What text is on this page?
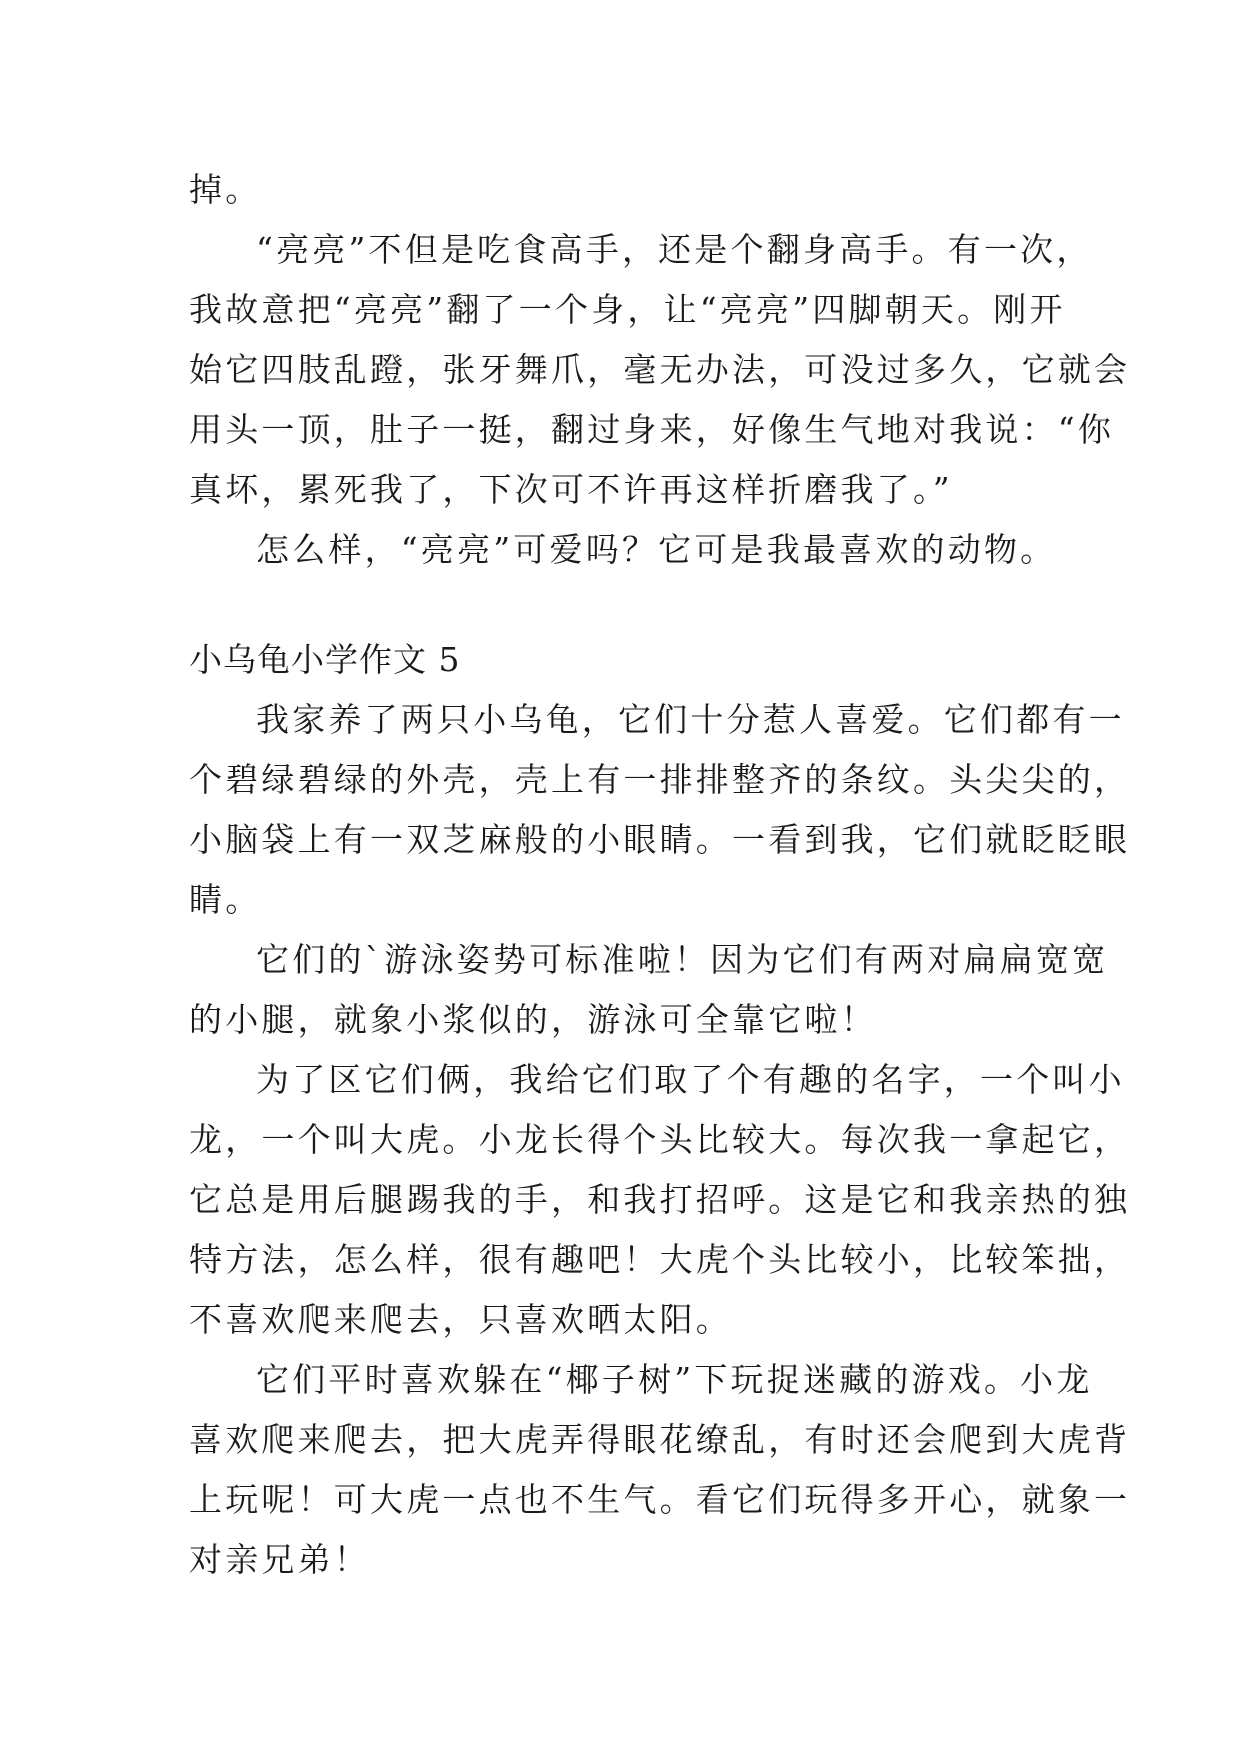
掉。
“亮亮”不但是吃食高手，还是个翻身高手。有一次，
我故意把“亮亮”翻了一个身，让“亮亮”四脚朝天。刚开
始它四肢乱蹬，张牙舞爪，毫无办法，可没过多久，它就会
用头一顶，肚子一挺，翻过身来，好像生气地对我说：“你
真坏，累死我了，下次可不许再这样折磨我了。”
怎么样，“亮亮”可爱吗？它可是我最喜欢的动物。
小乌龟小学作文 5
我家养了两只小乌龟，它们十分惹人喜爱。它们都有一
个碧绿碧绿的外壳，壳上有一排排整齐的条纹。头尖尖的，
小脑袋上有一双芝麻般的小眼睛。一看到我，它们就眨眨眼
睛。
它们的`游泳姿势可标准啦！因为它们有两对扁扁宽宽
的小腿，就象小浆似的，游泳可全靠它啦！
为了区它们俩，我给它们取了个有趣的名字，一个叫小
龙，一个叫大虎。小龙长得个头比较大。每次我一拿起它，
它总是用后腿踢我的手，和我打招呼。这是它和我亲热的独
特方法，怎么样，很有趣吧！大虎个头比较小，比较笨拙，
不喜欢爬来爬去，只喜欢晒太阳。
它们平时喜欢躲在“椰子树”下玩捉迷藏的游戏。小龙
喜欢爬来爬去，把大虎弄得眼花缭乱，有时还会爬到大虎背
上玩呢！可大虎一点也不生气。看它们玩得多开心，就象一
对亲兄弟！
